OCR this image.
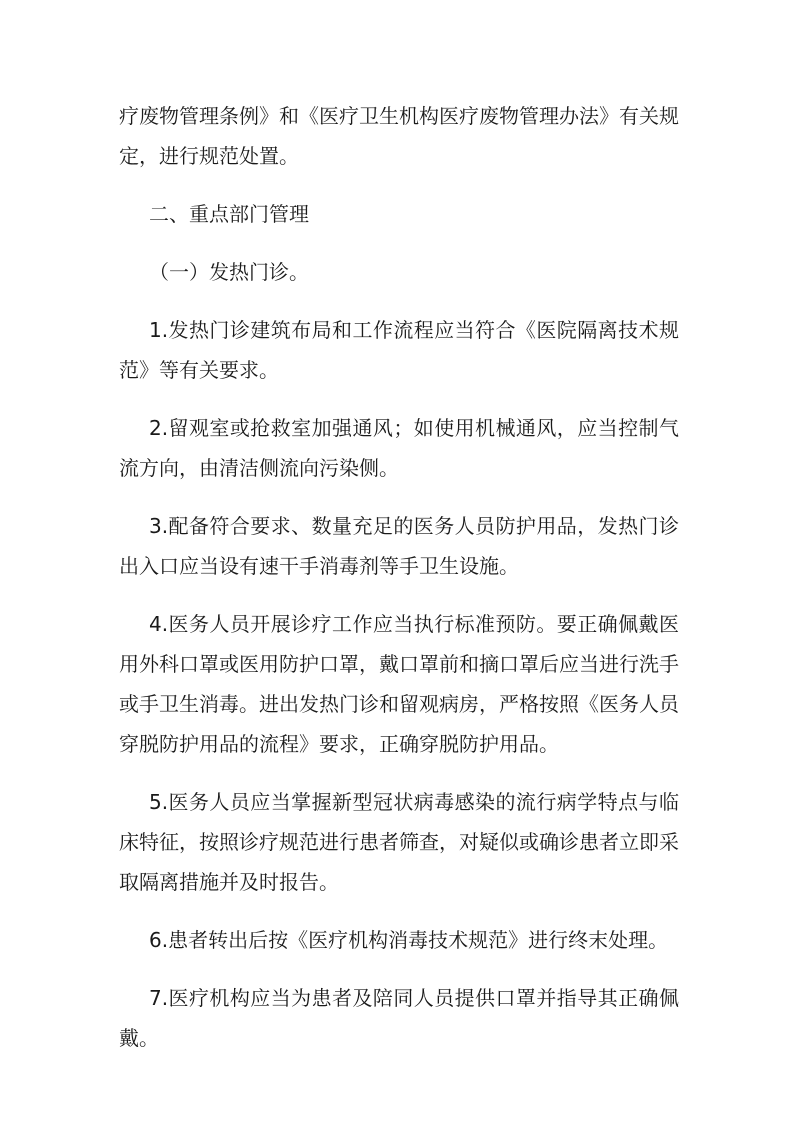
疗废物管理条例》和《医疗卫生机构医疗废物管理办法》有关规定，进行规范处置。

二、重点部门管理

（一）发热门诊。

1.发热门诊建筑布局和工作流程应当符合《医院隔离技术规范》等有关要求。

2.留观室或抢救室加强通风；如使用机械通风，应当控制气流方向，由清洁侧流向污染侧。

3.配备符合要求、数量充足的医务人员防护用品，发热门诊出入口应当设有速干手消毒剂等手卫生设施。

4.医务人员开展诊疗工作应当执行标准预防。要正确佩戴医用外科口罩或医用防护口罩，戴口罩前和摘口罩后应当进行洗手或手卫生消毒。进出发热门诊和留观病房，严格按照《医务人员穿脱防护用品的流程》要求，正确穿脱防护用品。

5.医务人员应当掌握新型冠状病毒感染的流行病学特点与临床特征，按照诊疗规范进行患者筛查，对疑似或确诊患者立即采取隔离措施并及时报告。

6.患者转出后按《医疗机构消毒技术规范》进行终末处理。

7.医疗机构应当为患者及陪同人员提供口罩并指导其正确佩戴。
